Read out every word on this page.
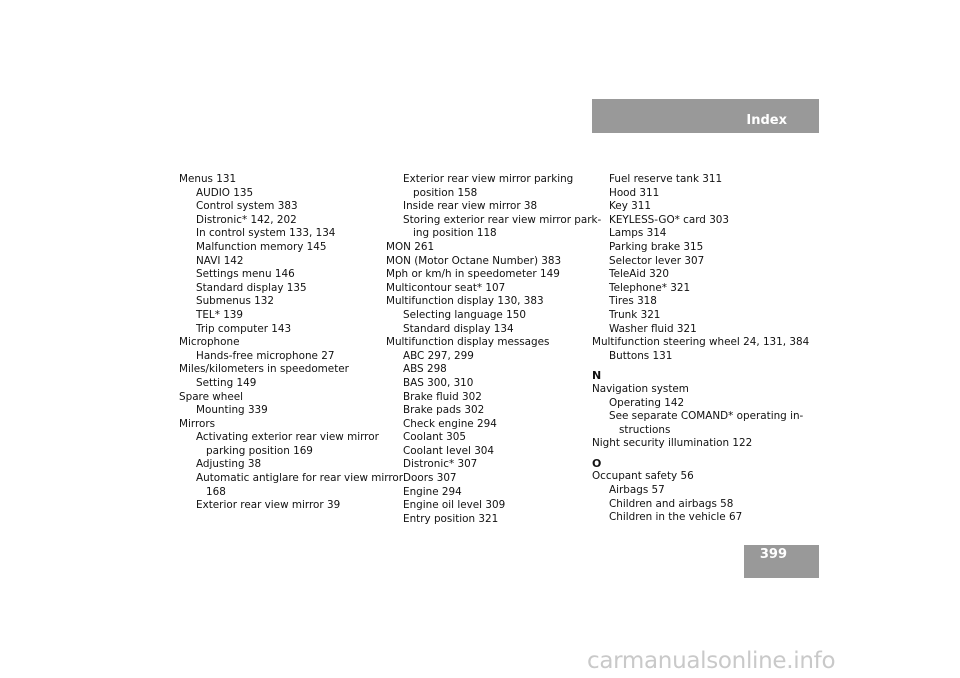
Index
Menus 131
AUDIO 135
Control system 383
Distronic* 142, 202
In control system 133, 134
Malfunction memory 145
NAVI 142
Settings menu 146
Standard display 135
Submenus 132
TEL* 139
Trip computer 143
Microphone
Hands-free microphone 27
Miles/kilometers in speedometer
Setting 149
Spare wheel
Mounting 339
Mirrors
Activating exterior rear view mirror
parking position 169
Adjusting 38
Automatic antiglare for rear view mirror
168
Exterior rear view mirror 39
Exterior rear view mirror parking
position 158
Inside rear view mirror 38
Storing exterior rear view mirror park-
ing position 118
MON 261
MON (Motor Octane Number) 383
Mph or km/h in speedometer 149
Multicontour seat* 107
Multifunction display 130, 383
Selecting language 150
Standard display 134
Multifunction display messages
ABC 297, 299
ABS 298
BAS 300, 310
Brake fluid 302
Brake pads 302
Check engine 294
Coolant 305
Coolant level 304
Distronic* 307
Doors 307
Engine 294
Engine oil level 309
Entry position 321
Fuel reserve tank 311
Hood 311
Key 311
KEYLESS-GO* card 303
Lamps 314
Parking brake 315
Selector lever 307
TeleAid 320
Telephone* 321
Tires 318
Trunk 321
Washer fluid 321
Multifunction steering wheel 24, 131, 384
Buttons 131
N
Navigation system
Operating 142
See separate COMAND* operating in-
structions
Night security illumination 122
O
Occupant safety 56
Airbags 57
Children and airbags 58
Children in the vehicle 67
399
carmanualsonline.info
